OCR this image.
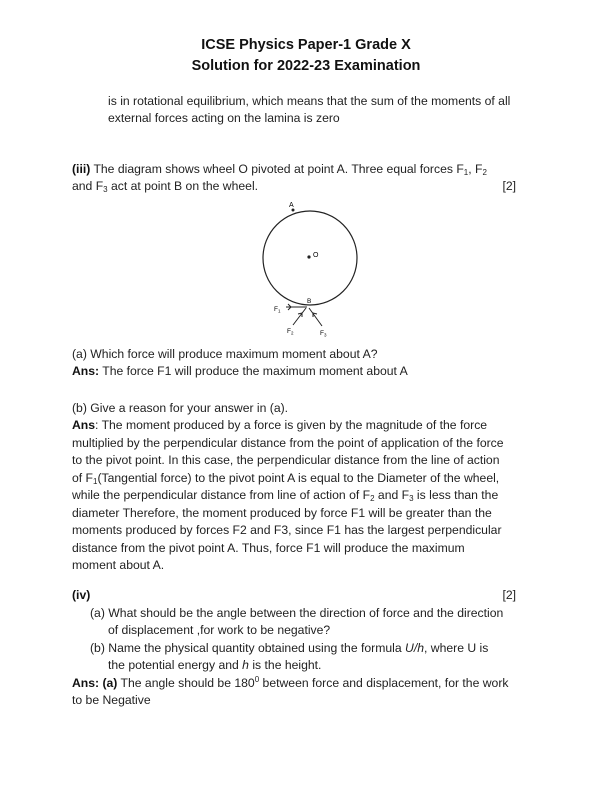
ICSE Physics Paper-1 Grade X
Solution for 2022-23 Examination
is in rotational equilibrium, which means that the sum of the moments of all
external forces acting on the lamina is zero
(iii) The diagram shows wheel O pivoted at point A. Three equal forces $F_1$, $F_2$
and $F_3$ act at point B on the wheel.	[2]
A
O
B
$F_1$
$F_2$	$F_3$
(a) Which force will produce maximum moment about A?
Ans: The force F1 will produce the maximum moment about A
(b) Give a reason for your answer in (a).
Ans: The moment produced by a force is given by the magnitude of the force
multiplied by the perpendicular distance from the point of application of the force
to the pivot point. In this case, the perpendicular distance from the line of action
of $F_1(Tangential$ force) to the pivot point A is equal to the Diameter of the wheel,
while the perpendicular distance from line of action of $F_2$ and $F_3$ is less than the
diameter Therefore, the moment produced by force F1 will be greater than the
moments produced by forces F2 and F3, since F1 has the largest perpendicular
distance from the pivot point A. Thus, force F1 will produce the maximum
moment about A.
(iv)	[2]
(a) What should be the angle between the direction of force and the direction
of displacement ,for work to be negative?
(b) Name the physical quantity obtained using the formula U/h, where U is
the potential energy and h is the height.
Ans: (a) The angle should be $180^0$ between force and displacement, for the work
to be Negative
